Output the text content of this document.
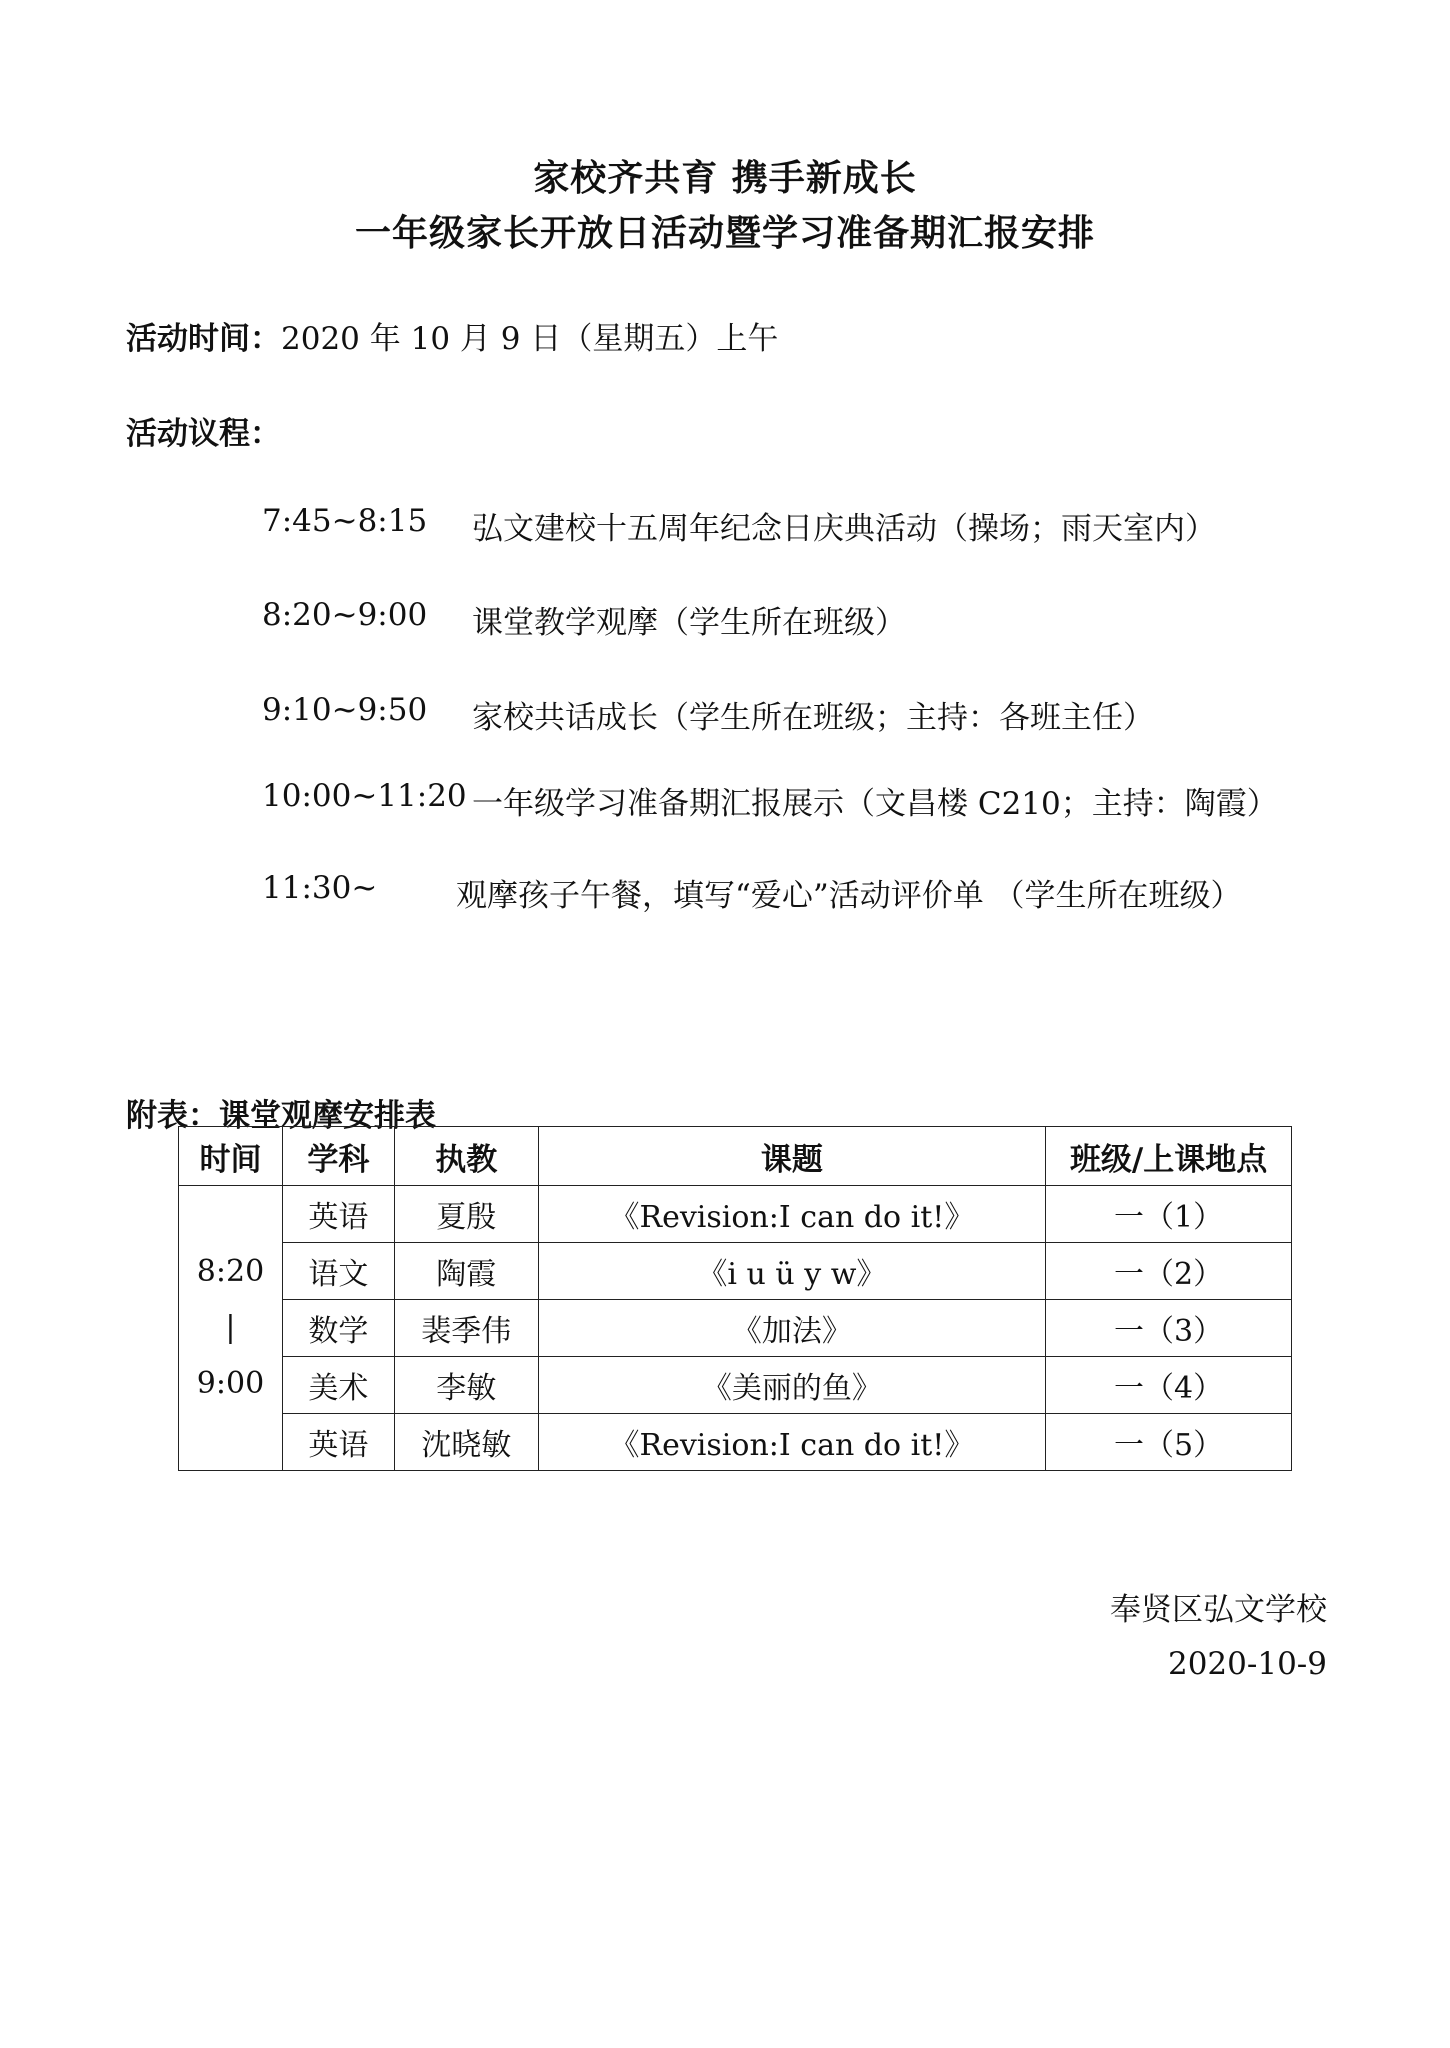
家校齐共育 携手新成长
一年级家长开放日活动暨学习准备期汇报安排
活动时间：2020 年 10 月 9 日（星期五）上午
活动议程：
7:45~8:15 弘文建校十五周年纪念日庆典活动（操场；雨天室内）
8:20~9:00 课堂教学观摩（学生所在班级）
9:10~9:50 家校共话成长（学生所在班级；主持：各班主任）
10:00~11:20 一年级学习准备期汇报展示（文昌楼 C210；主持：陶霞）
11:30~	观摩孩子午餐，填写“爱心”活动评价单 （学生所在班级）
附表：课堂观摩安排表
时间	学科	执教	课题	班级/上课地点

8:20
|
9:00	英语	夏殷	《Revision:I can do it!》	一（1）
	语文	陶霞	《i u ü y w》	一（2）
	数学	裴季伟	《加法》	一（3）
	美术	李敏	《美丽的鱼》	一（4）
	英语	沈晓敏	《Revision:I can do it!》	一（5）
奉贤区弘文学校
2020-10-9
